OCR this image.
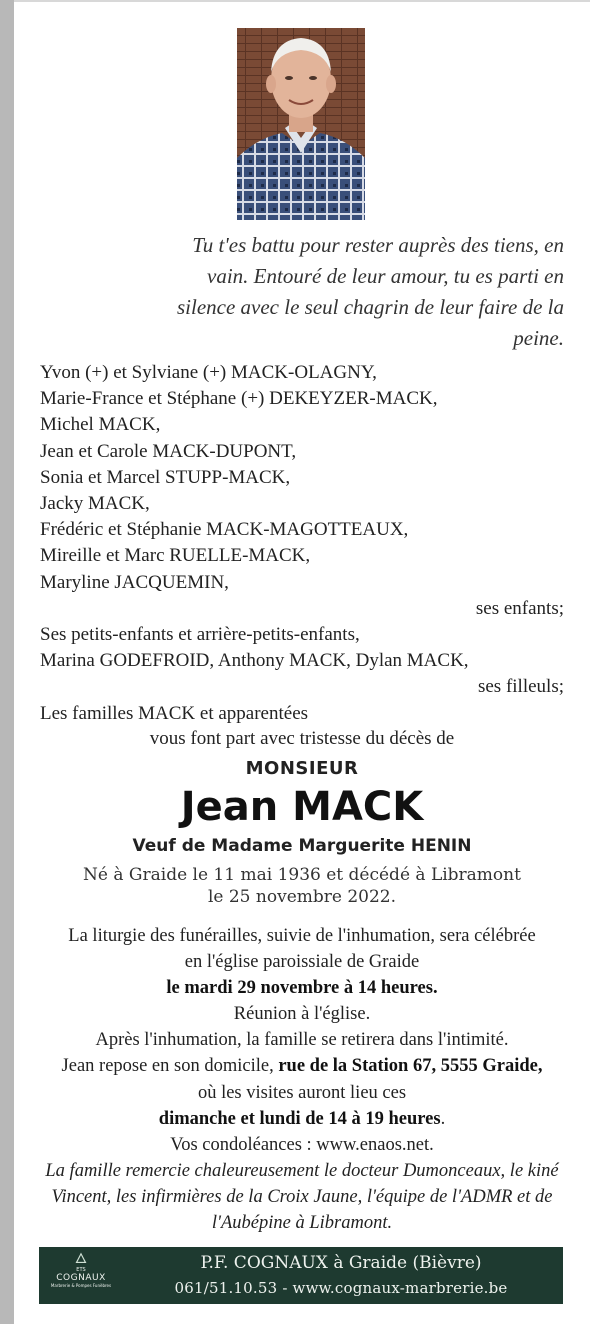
Tu t'es battu pour rester auprès des tiens, en
vain. Entouré de leur amour, tu es parti en
silence avec le seul chagrin de leur faire de la
peine.
Yvon (+) et Sylviane (+) MACK-OLAGNY,
Marie-France et Stéphane (+) DEKEYZER-MACK,
Michel MACK,
Jean et Carole MACK-DUPONT,
Sonia et Marcel STUPP-MACK,
Jacky MACK,
Frédéric et Stéphanie MACK-MAGOTTEAUX,
Mireille et Marc RUELLE-MACK,
Maryline JACQUEMIN,
ses enfants;
Ses petits-enfants et arrière-petits-enfants,
Marina GODEFROID, Anthony MACK, Dylan MACK,
ses filleuls;
Les familles MACK et apparentées
vous font part avec tristesse du décès de
MONSIEUR
Jean MACK
Veuf de Madame Marguerite HENIN
Né à Graide le 11 mai 1936 et décédé à Libramont
le 25 novembre 2022.
La liturgie des funérailles, suivie de l'inhumation, sera célébrée
en l'église paroissiale de Graide
le mardi 29 novembre à 14 heures.
Réunion à l'église.
Après l'inhumation, la famille se retirera dans l'intimité.
Jean repose en son domicile, rue de la Station 67, 5555 Graide,
où les visites auront lieu ces
dimanche et lundi de 14 à 19 heures.
Vos condoléances : www.enaos.net.
La famille remercie chaleureusement le docteur Dumonceaux, le kiné
Vincent, les infirmières de la Croix Jaune, l'équipe de l'ADMR et de
l'Aubépine à Libramont.
🜂
ETS
COGNAUX
Marbrerie & Pompes Funèbres
P.F. COGNAUX à Graide (Bièvre)
061/51.10.53 - www.cognaux-marbrerie.be
